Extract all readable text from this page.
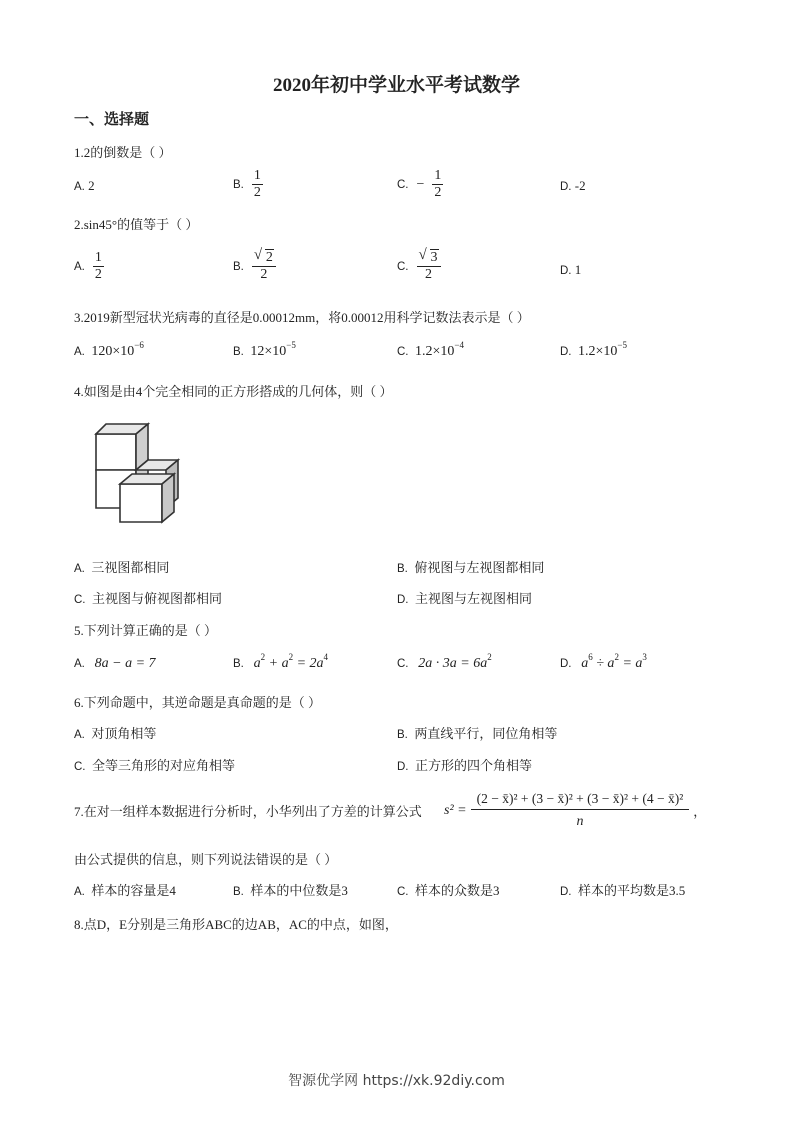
2020年初中学业水平考试数学
一、选择题
1.2的倒数是（ ）
A. 2	B. $\frac{1}{2}$	C. − $\frac{1}{2}$	D. -2
2.sin45°的值等于（ ）
A. $\frac{1}{2}$	B. $\frac{√ 2}{2}$	C. $\frac{√ 3}{2}$	D. 1
3.2019新型冠状光病毒的直径是0.00012mm，将0.00012用科学记数法表示是（ ）
A. $120\times 10^{-6}$
B. $12\times 10^{-5}$
C. $1.2\times 10^{-4}$
D. $1.2\times 10^{-5}$
4.如图是由4个完全相同的正方形搭成的几何体，则（ ）
A. 三视图都相同	B. 俯视图与左视图都相同
C. 主视图与俯视图都相同	D. 主视图与左视图相同
5.下列计算正确的是（ ）
A. 8a − a = 7	B. $a^2 + a^2 = 2a^4$
C. $2a \cdot 3a = 6a^2$
D. $a^6 \div a^2 = a^3$
6.下列命题中，其逆命题是真命题的是（ ）
A. 对顶角相等	B. 两直线平行，同位角相等
C. 全等三角形的对应角相等	D. 正方形的四个角相等
7.在对一组样本数据进行分析时，小华列出了方差的计算公式 $s^2 = \frac{\text{(2 − x̄)² + (3 − x̄)² + (3 − x̄)² + (4 − x̄)²}}{n}$ ，
由公式提供的信息，则下列说法错误的是（ ）
A. 样本的容量是4	B. 样本的中位数是3	C. 样本的众数是3	D. 样本的平均数是3.5
8.点D，E分别是三角形ABC的边AB，AC的中点，如图，
智源优学网 https://xk.92diy.com
